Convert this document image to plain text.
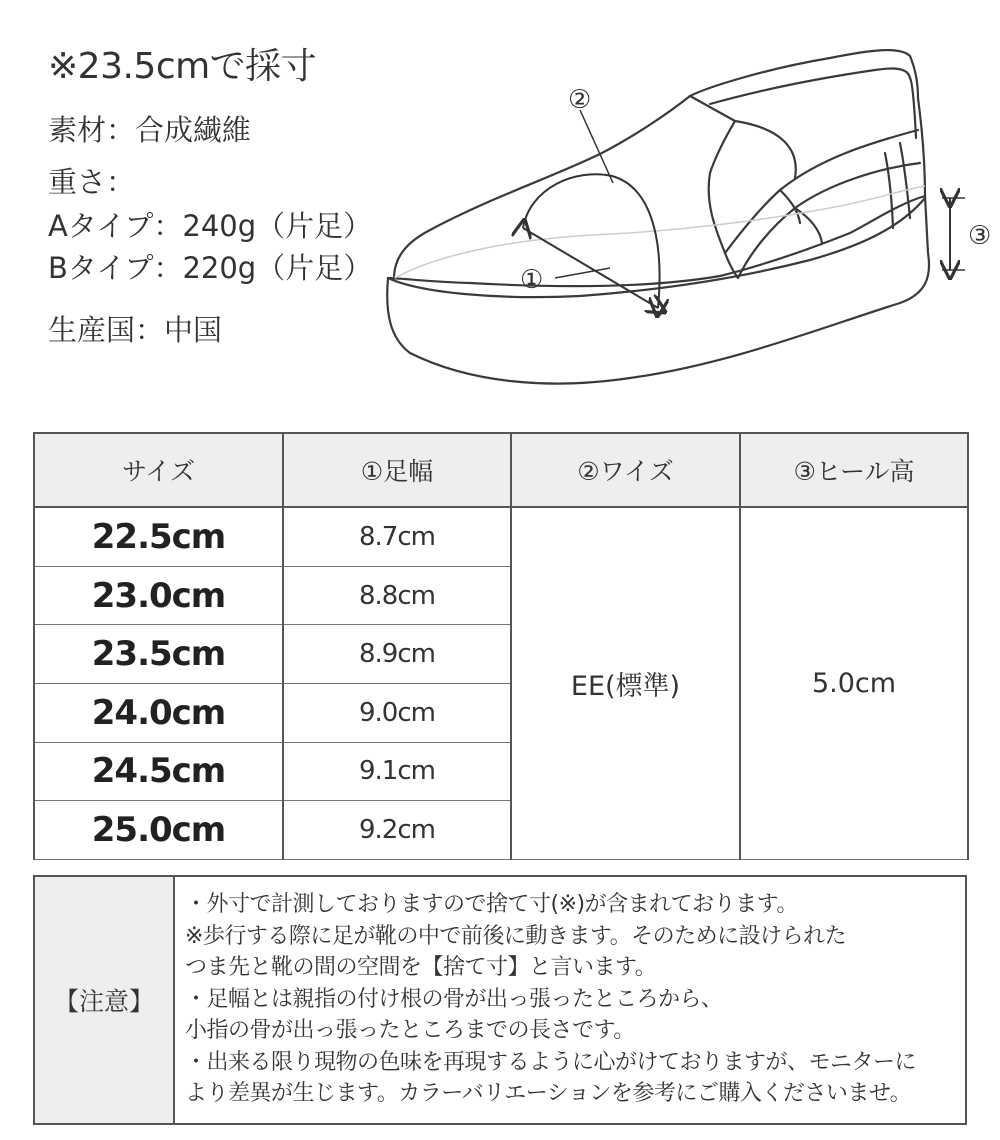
※23.5cmで採寸

素材：合成繊維

重さ：

Aタイプ：240g（片足）

Bタイプ：220g（片足）

生産国：中国

②
①
③
サイズ	①足幅	②ワイズ	③ヒール高
22.5cm	8.7cm	EE(標準)	5.0cm
23.0cm	8.8cm		
23.5cm	8.9cm		
24.0cm	9.0cm		
24.5cm	9.1cm		
25.0cm	9.2cm		
【注意】
・外寸で計測しておりますので捨て寸(※)が含まれております。
※歩行する際に足が靴の中で前後に動きます。そのために設けられた
つま先と靴の間の空間を【捨て寸】と言います。
・足幅とは親指の付け根の骨が出っ張ったところから、
小指の骨が出っ張ったところまでの長さです。
・出来る限り現物の色味を再現するように心がけておりますが、モニターに
より差異が生じます。カラーバリエーションを参考にご購入くださいませ。
